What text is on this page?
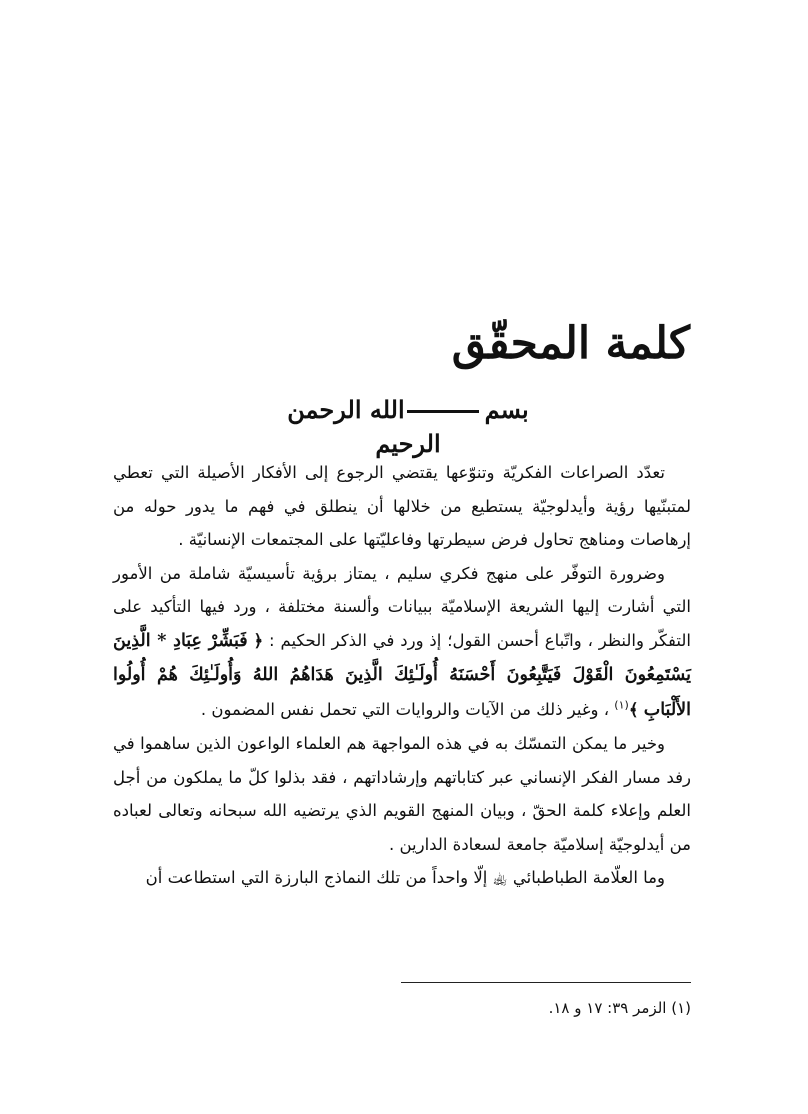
كلمة المحقّق
بسمالله الرحمن الرحيم

تعدّد الصراعات الفكريّة وتنوّعها يقتضي الرجوع إلى الأفكار الأصيلة التي تعطي لمتبنّيها رؤية وأيدلوجيّة يستطيع من خلالها أن ينطلق في فهم ما يدور حوله من إرهاصات ومناهج تحاول فرض سيطرتها وفاعليّتها على المجتمعات الإنسانيّة .

وضرورة التوفّر على منهج فكري سليم ، يمتاز برؤية تأسيسيّة شاملة من الأمور التي أشارت إليها الشريعة الإسلاميّة ببيانات وألسنة مختلفة ، ورد فيها التأكيد على التفكّر والنظر ، واتّباع أحسن القول؛ إذ ورد في الذكر الحكيم : ﴿ فَبَشِّرْ عِبَادِ * الَّذِينَ يَسْتَمِعُونَ الْقَوْلَ فَيَتَّبِعُونَ أَحْسَنَهُ أُولَـٰئِكَ الَّذِينَ هَدَاهُمُ اللهُ وَأُولَـٰئِكَ هُمْ أُولُوا الأَلْبَابِ ﴾$^{(١)}$ ، وغير ذلك من الآيات والروايات التي تحمل نفس المضمون .

وخير ما يمكن التمسّك به في هذه المواجهة هم العلماء الواعون الذين ساهموا في رفد مسار الفكر الإنساني عبر كتاباتهم وإرشاداتهم ، فقد بذلوا كلّ ما يملكون من أجل العلم وإعلاء كلمة الحقّ ، وبيان المنهج القويم الذي يرتضيه الله سبحانه وتعالى لعباده من أيدلوجيّة إسلاميّة جامعة لسعادة الدارين .

وما العلّامة الطباطبائي ﵀ إلّا واحداً من تلك النماذج البارزة التي استطاعت أن

(١) الزمر ٣٩: ١٧ و ١٨.
